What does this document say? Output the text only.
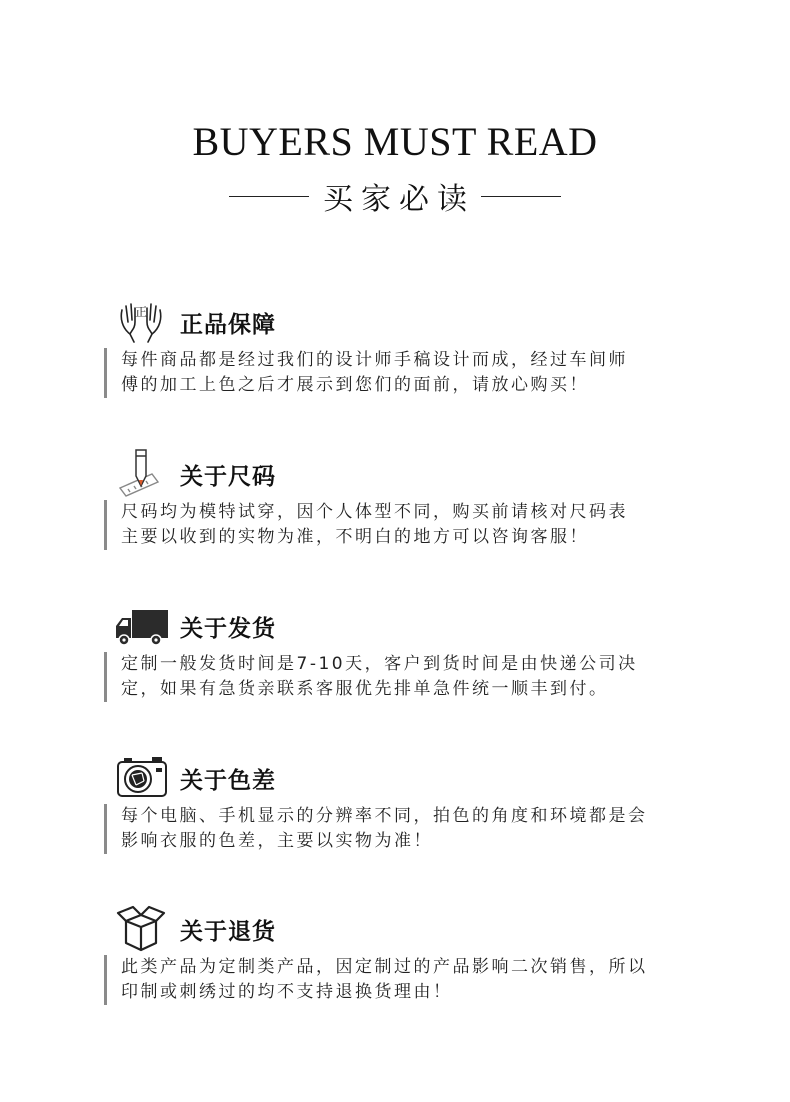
BUYERS MUST READ
买家必读
正 正品保障
每件商品都是经过我们的设计师手稿设计而成，经过车间师
傅的加工上色之后才展示到您们的面前，请放心购买！
关于尺码
尺码均为模特试穿，因个人体型不同，购买前请核对尺码表
主要以收到的实物为准，不明白的地方可以咨询客服！
关于发货
定制一般发货时间是7-10天，客户到货时间是由快递公司决
定，如果有急货亲联系客服优先排单急件统一顺丰到付。
关于色差
每个电脑、手机显示的分辨率不同，拍色的角度和环境都是会
影响衣服的色差，主要以实物为准！
关于退货
此类产品为定制类产品，因定制过的产品影响二次销售，所以
印制或刺绣过的均不支持退换货理由！
